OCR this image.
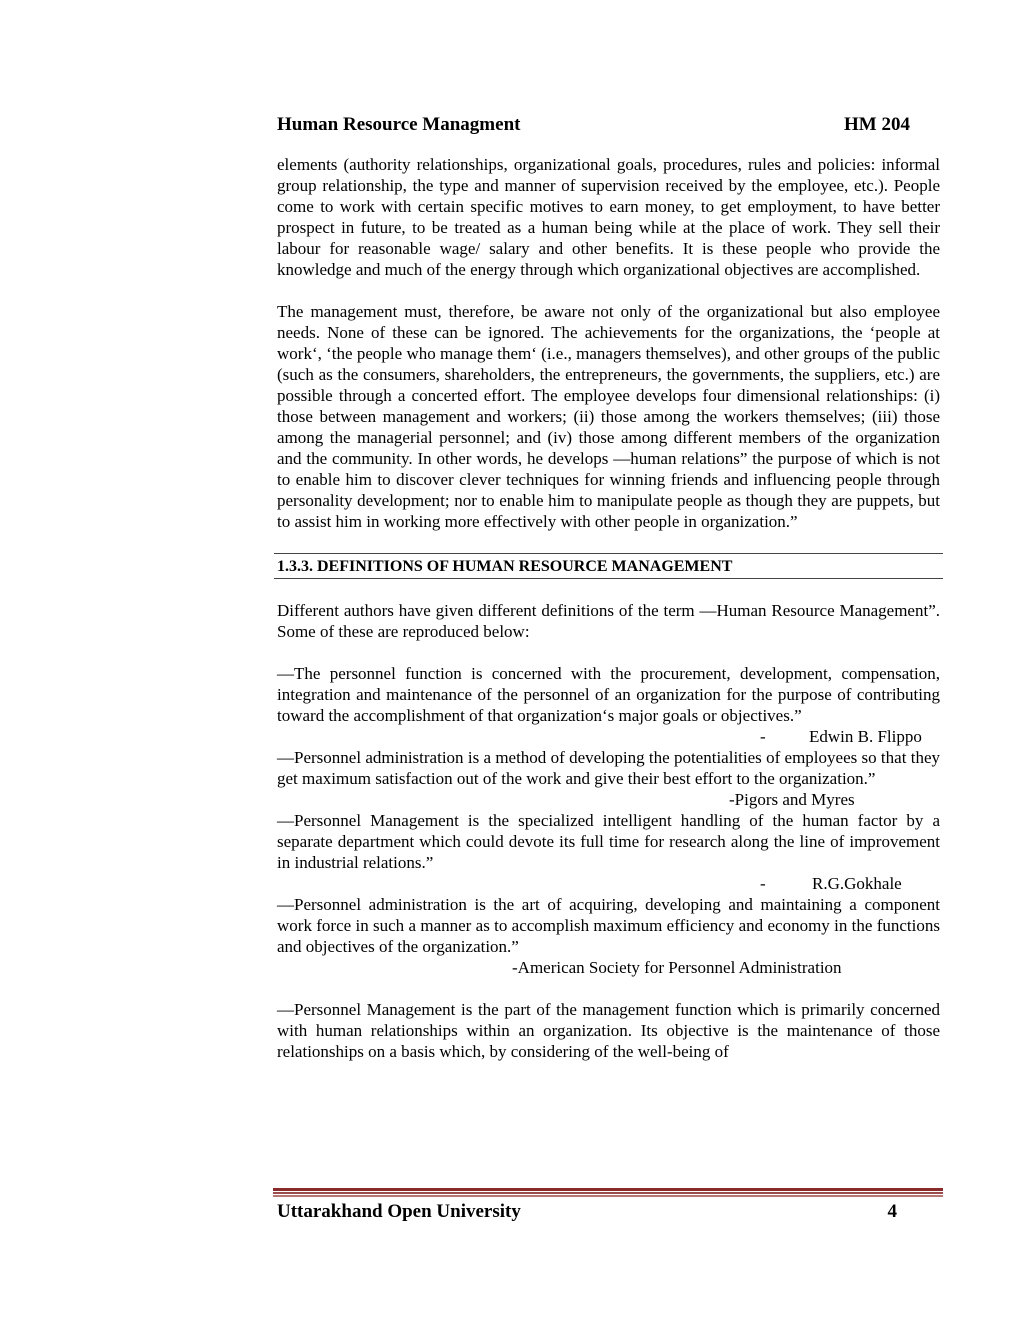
Human Resource Managment	HM 204

elements (authority relationships, organizational goals, procedures, rules and policies: informal group relationship, the type and manner of supervision received by the employee, etc.). People come to work with certain specific motives to earn money, to get employment, to have better prospect in future, to be treated as a human being while at the place of work. They sell their labour for reasonable wage/ salary and other benefits. It is these people who provide the knowledge and much of the energy through which organizational objectives are accomplished.

The management must, therefore, be aware not only of the organizational but also employee needs. None of these can be ignored. The achievements for the organizations, the ‘people at work‘, ‘the people who manage them‘ (i.e., managers themselves), and other groups of the public (such as the consumers, shareholders, the entrepreneurs, the governments, the suppliers, etc.) are possible through a concerted effort. The employee develops four dimensional relationships: (i) those between management and workers; (ii) those among the workers themselves; (iii) those among the managerial personnel; and (iv) those among different members of the organization and the community. In other words, he develops ―human relations” the purpose of which is not to enable him to discover clever techniques for winning friends and influencing people through personality development; nor to enable him to manipulate people as though they are puppets, but to assist him in working more effectively with other people in organization.”

1.3.3. DEFINITIONS OF HUMAN RESOURCE MANAGEMENT

Different authors have given different definitions of the term ―Human Resource Management”. Some of these are reproduced below:

―The personnel function is concerned with the procurement, development, compensation, integration and maintenance of the personnel of an organization for the purpose of contributing toward the accomplishment of that organization‘s major goals or objectives.”

-	Edwin B. Flippo

―Personnel administration is a method of developing the potentialities of employees so that they get maximum satisfaction out of the work and give their best effort to the organization.”

-Pigors and Myres

―Personnel Management is the specialized intelligent handling of the human factor by a separate department which could devote its full time for research along the line of improvement in industrial relations.”

-	R.G.Gokhale

―Personnel administration is the art of acquiring, developing and maintaining a component work force in such a manner as to accomplish maximum efficiency and economy in the functions and objectives of the organization.”

-American Society for Personnel Administration

―Personnel Management is the part of the management function which is primarily concerned with human relationships within an organization. Its objective is the maintenance of those relationships on a basis which, by considering of the well-being of

Uttarakhand Open University	4
